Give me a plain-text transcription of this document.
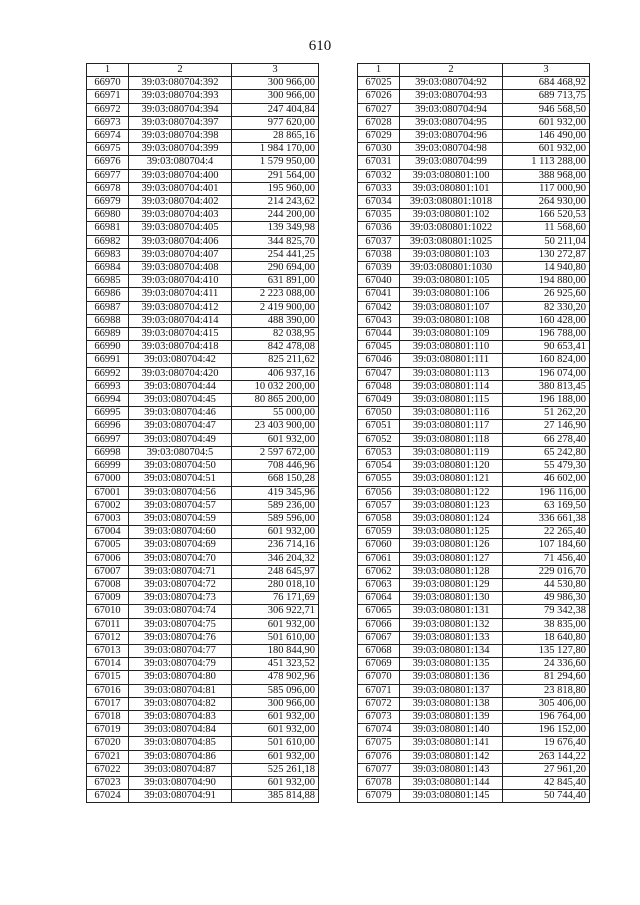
610
1	2	3
66970	39:03:080704:392	300 966,00
66971	39:03:080704:393	300 966,00
66972	39:03:080704:394	247 404,84
66973	39:03:080704:397	977 620,00
66974	39:03:080704:398	28 865,16
66975	39:03:080704:399	1 984 170,00
66976	39:03:080704:4	1 579 950,00
66977	39:03:080704:400	291 564,00
66978	39:03:080704:401	195 960,00
66979	39:03:080704:402	214 243,62
66980	39:03:080704:403	244 200,00
66981	39:03:080704:405	139 349,98
66982	39:03:080704:406	344 825,70
66983	39:03:080704:407	254 441,25
66984	39:03:080704:408	290 694,00
66985	39:03:080704:410	631 891,00
66986	39:03:080704:411	2 223 088,00
66987	39:03:080704:412	2 419 900,00
66988	39:03:080704:414	488 390,00
66989	39:03:080704:415	82 038,95
66990	39:03:080704:418	842 478,08
66991	39:03:080704:42	825 211,62
66992	39:03:080704:420	406 937,16
66993	39:03:080704:44	10 032 200,00
66994	39:03:080704:45	80 865 200,00
66995	39:03:080704:46	55 000,00
66996	39:03:080704:47	23 403 900,00
66997	39:03:080704:49	601 932,00
66998	39:03:080704:5	2 597 672,00
66999	39:03:080704:50	708 446,96
67000	39:03:080704:51	668 150,28
67001	39:03:080704:56	419 345,96
67002	39:03:080704:57	589 236,00
67003	39:03:080704:59	589 596,00
67004	39:03:080704:60	601 932,00
67005	39:03:080704:69	236 714,16
67006	39:03:080704:70	346 204,32
67007	39:03:080704:71	248 645,97
67008	39:03:080704:72	280 018,10
67009	39:03:080704:73	76 171,69
67010	39:03:080704:74	306 922,71
67011	39:03:080704:75	601 932,00
67012	39:03:080704:76	501 610,00
67013	39:03:080704:77	180 844,90
67014	39:03:080704:79	451 323,52
67015	39:03:080704:80	478 902,96
67016	39:03:080704:81	585 096,00
67017	39:03:080704:82	300 966,00
67018	39:03:080704:83	601 932,00
67019	39:03:080704:84	601 932,00
67020	39:03:080704:85	501 610,00
67021	39:03:080704:86	601 932,00
67022	39:03:080704:87	525 261,18
67023	39:03:080704:90	601 932,00
67024	39:03:080704:91	385 814,88
1	2	3
67025	39:03:080704:92	684 468,92
67026	39:03:080704:93	689 713,75
67027	39:03:080704:94	946 568,50
67028	39:03:080704:95	601 932,00
67029	39:03:080704:96	146 490,00
67030	39:03:080704:98	601 932,00
67031	39:03:080704:99	1 113 288,00
67032	39:03:080801:100	388 968,00
67033	39:03:080801:101	117 000,90
67034	39:03:080801:1018	264 930,00
67035	39:03:080801:102	166 520,53
67036	39:03:080801:1022	11 568,60
67037	39:03:080801:1025	50 211,04
67038	39:03:080801:103	130 272,87
67039	39:03:080801:1030	14 940,80
67040	39:03:080801:105	194 880,00
67041	39:03:080801:106	26 925,60
67042	39:03:080801:107	82 330,20
67043	39:03:080801:108	160 428,00
67044	39:03:080801:109	196 788,00
67045	39:03:080801:110	90 653,41
67046	39:03:080801:111	160 824,00
67047	39:03:080801:113	196 074,00
67048	39:03:080801:114	380 813,45
67049	39:03:080801:115	196 188,00
67050	39:03:080801:116	51 262,20
67051	39:03:080801:117	27 146,90
67052	39:03:080801:118	66 278,40
67053	39:03:080801:119	65 242,80
67054	39:03:080801:120	55 479,30
67055	39:03:080801:121	46 602,00
67056	39:03:080801:122	196 116,00
67057	39:03:080801:123	63 169,50
67058	39:03:080801:124	336 661,38
67059	39:03:080801:125	22 265,40
67060	39:03:080801:126	107 184,60
67061	39:03:080801:127	71 456,40
67062	39:03:080801:128	229 016,70
67063	39:03:080801:129	44 530,80
67064	39:03:080801:130	49 986,30
67065	39:03:080801:131	79 342,38
67066	39:03:080801:132	38 835,00
67067	39:03:080801:133	18 640,80
67068	39:03:080801:134	135 127,80
67069	39:03:080801:135	24 336,60
67070	39:03:080801:136	81 294,60
67071	39:03:080801:137	23 818,80
67072	39:03:080801:138	305 406,00
67073	39:03:080801:139	196 764,00
67074	39:03:080801:140	196 152,00
67075	39:03:080801:141	19 676,40
67076	39:03:080801:142	263 144,22
67077	39:03:080801:143	27 961,20
67078	39:03:080801:144	42 845,40
67079	39:03:080801:145	50 744,40
